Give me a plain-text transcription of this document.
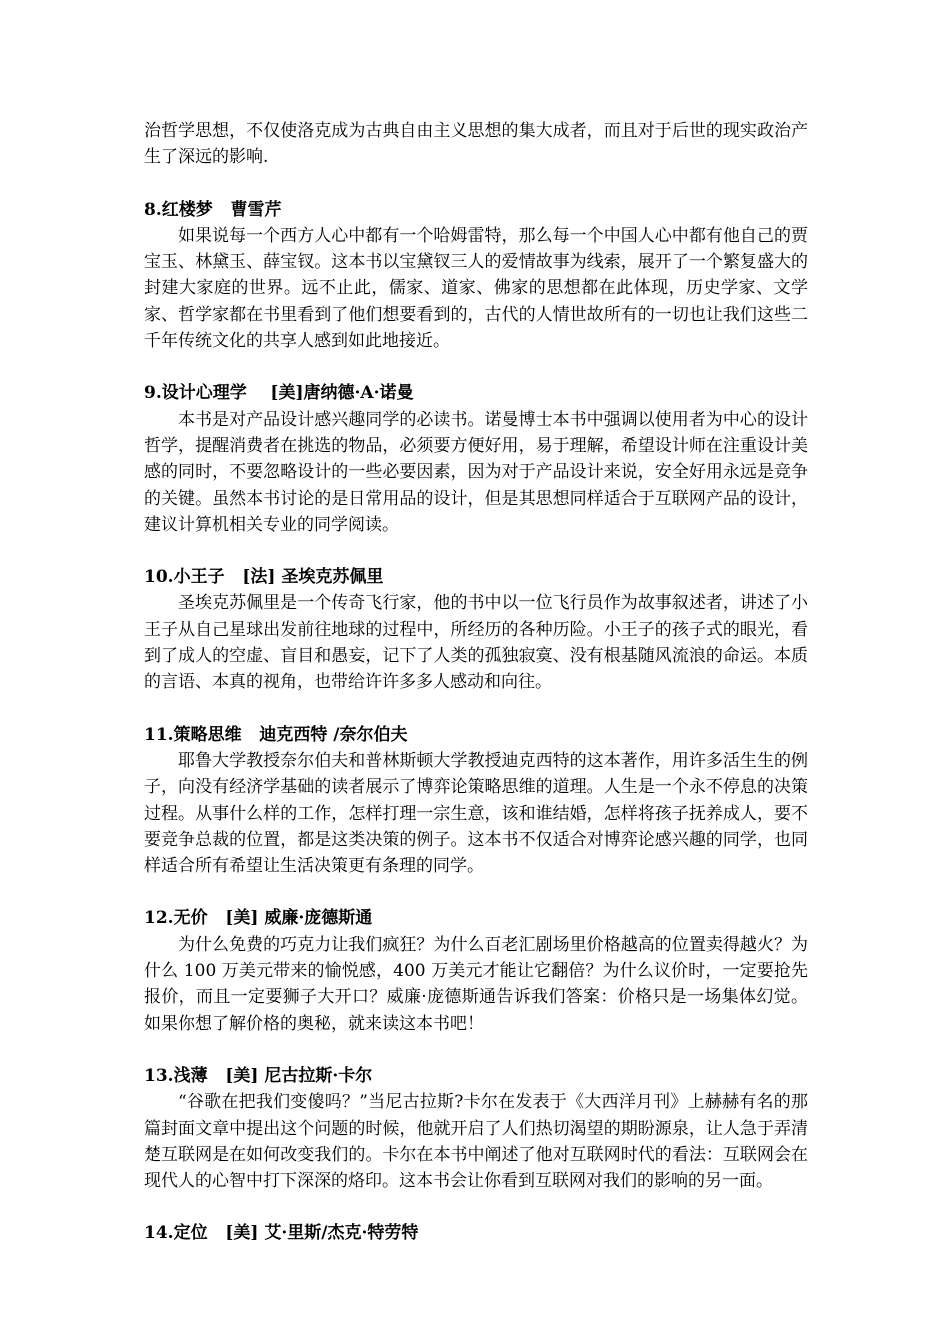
治哲学思想，不仅使洛克成为古典自由主义思想的集大成者，而且对于后世的现实政治产生了深远的影响.

8.红楼梦   曹雪芹

如果说每一个西方人心中都有一个哈姆雷特，那么每一个中国人心中都有他自己的贾宝玉、林黛玉、薛宝钗。这本书以宝黛钗三人的爱情故事为线索，展开了一个繁复盛大的封建大家庭的世界。远不止此，儒家、道家、佛家的思想都在此体现，历史学家、文学家、哲学家都在书里看到了他们想要看到的，古代的人情世故所有的一切也让我们这些二千年传统文化的共享人感到如此地接近。

9.设计心理学    [美]唐纳德·A·诺曼

本书是对产品设计感兴趣同学的必读书。诺曼博士本书中强调以使用者为中心的设计哲学，提醒消费者在挑选的物品，必须要方便好用，易于理解，希望设计师在注重设计美感的同时，不要忽略设计的一些必要因素，因为对于产品设计来说，安全好用永远是竞争的关键。虽然本书讨论的是日常用品的设计，但是其思想同样适合于互联网产品的设计，建议计算机相关专业的同学阅读。

10.小王子   [法] 圣埃克苏佩里

圣埃克苏佩里是一个传奇飞行家，他的书中以一位飞行员作为故事叙述者，讲述了小王子从自己星球出发前往地球的过程中，所经历的各种历险。小王子的孩子式的眼光，看到了成人的空虚、盲目和愚妄，记下了人类的孤独寂寞、没有根基随风流浪的命运。本质的言语、本真的视角，也带给许许多多人感动和向往。

11.策略思维   迪克西特 /奈尔伯夫

耶鲁大学教授奈尔伯夫和普林斯顿大学教授迪克西特的这本著作，用许多活生生的例子，向没有经济学基础的读者展示了博弈论策略思维的道理。人生是一个永不停息的决策过程。从事什么样的工作，怎样打理一宗生意，该和谁结婚，怎样将孩子抚养成人，要不要竞争总裁的位置，都是这类决策的例子。这本书不仅适合对博弈论感兴趣的同学，也同样适合所有希望让生活决策更有条理的同学。

12.无价   [美] 威廉·庞德斯通

为什么免费的巧克力让我们疯狂？为什么百老汇剧场里价格越高的位置卖得越火？为什么 100 万美元带来的愉悦感，400 万美元才能让它翻倍？为什么议价时，一定要抢先报价，而且一定要狮子大开口？威廉·庞德斯通告诉我们答案：价格只是一场集体幻觉。如果你想了解价格的奥秘，就来读这本书吧！

13.浅薄   [美] 尼古拉斯·卡尔

“谷歌在把我们变傻吗？”当尼古拉斯?卡尔在发表于《大西洋月刊》上赫赫有名的那篇封面文章中提出这个问题的时候，他就开启了人们热切渴望的期盼源泉，让人急于弄清楚互联网是在如何改变我们的。卡尔在本书中阐述了他对互联网时代的看法：互联网会在现代人的心智中打下深深的烙印。这本书会让你看到互联网对我们的影响的另一面。

14.定位   [美] 艾·里斯/杰克·特劳特
